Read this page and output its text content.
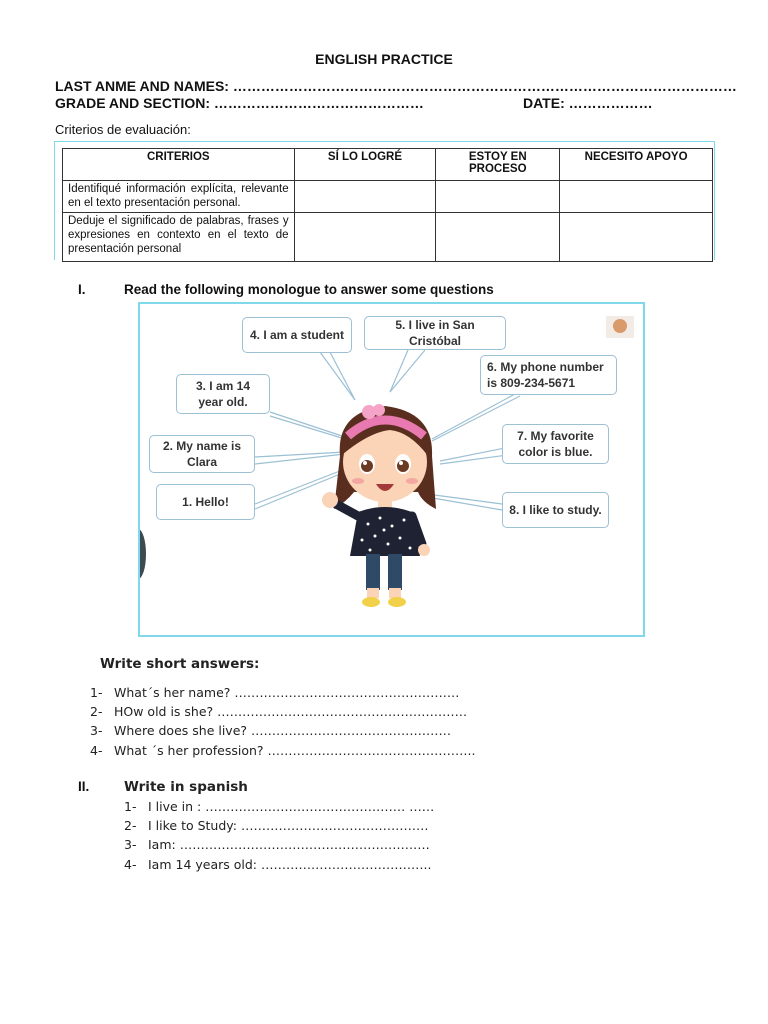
ENGLISH PRACTICE
LAST ANME AND NAMES: ………………………………………………………………………………………………
GRADE AND SECTION: ………………………………………	DATE: ………………
Criterios de evaluación:
CRITERIOS	SÍ LO LOGRÉ	ESTOY EN PROCESO	NECESITO APOYO
Identifiqué información explícita, relevante en el texto presentación personal.			
Deduje el significado de palabras, frases y expresiones en contexto en el texto de presentación personal			
I.	Read the following monologue to answer some questions
1. Hello!
2. My name is Clara
3. I am 14 year old.
4. I am a student
5. I live in San Cristóbal
6. My phone number is 809-234-5671
7. My favorite color is blue.
8. I like to study.
Write short answers:
1- What´s her name? ………………………………………………
2- HOw old is she? ……………………………………………………
3- Where does she live? …………………………………………
4- What ´s her profession? …………………………………………..
II.	Write in spanish
1- I live in : ………………………………………… ……
2- I like to Study: ………………………………………
3- Iam: ……………………………………………………
4- Iam 14 years old: …………………………………..
